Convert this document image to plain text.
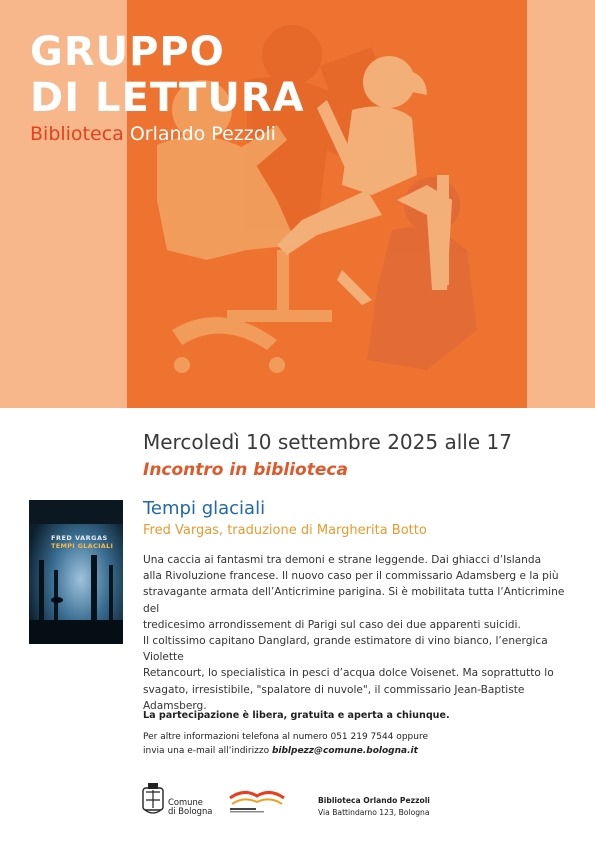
GRUPPO
DI LETTURA
Biblioteca Orlando Pezzoli
Mercoledì 10 settembre 2025 alle 17
Incontro in biblioteca
FRED VARGAS
TEMPI GLACIALI
Tempi glaciali
Fred Vargas, traduzione di Margherita Botto

Una caccia ai fantasmi tra demoni e strane leggende. Dai ghiacci d’Islanda

alla Rivoluzione francese. Il nuovo caso per il commissario Adamsberg e la più

stravagante armata dell’Anticrimine parigina. Si è mobilitata tutta l’Anticrimine del

tredicesimo arrondissement di Parigi sul caso dei due apparenti suicidi.

Il coltissimo capitano Danglard, grande estimatore di vino bianco, l’energica Violette

Retancourt, lo specialistica in pesci d’acqua dolce Voisenet. Ma soprattutto lo

svagato, irresistibile, "spalatore di nuvole", il commissario Jean-Baptiste Adamsberg.

La partecipazione è libera, gratuita e aperta a chiunque.
Per altre informazioni telefona al numero 051 219 7544 oppure
invia una e-mail all’indirizzo biblpezz@comune.bologna.it
Comune
di Bologna
Biblioteca Orlando Pezzoli
Via Battindarno 123, Bologna
